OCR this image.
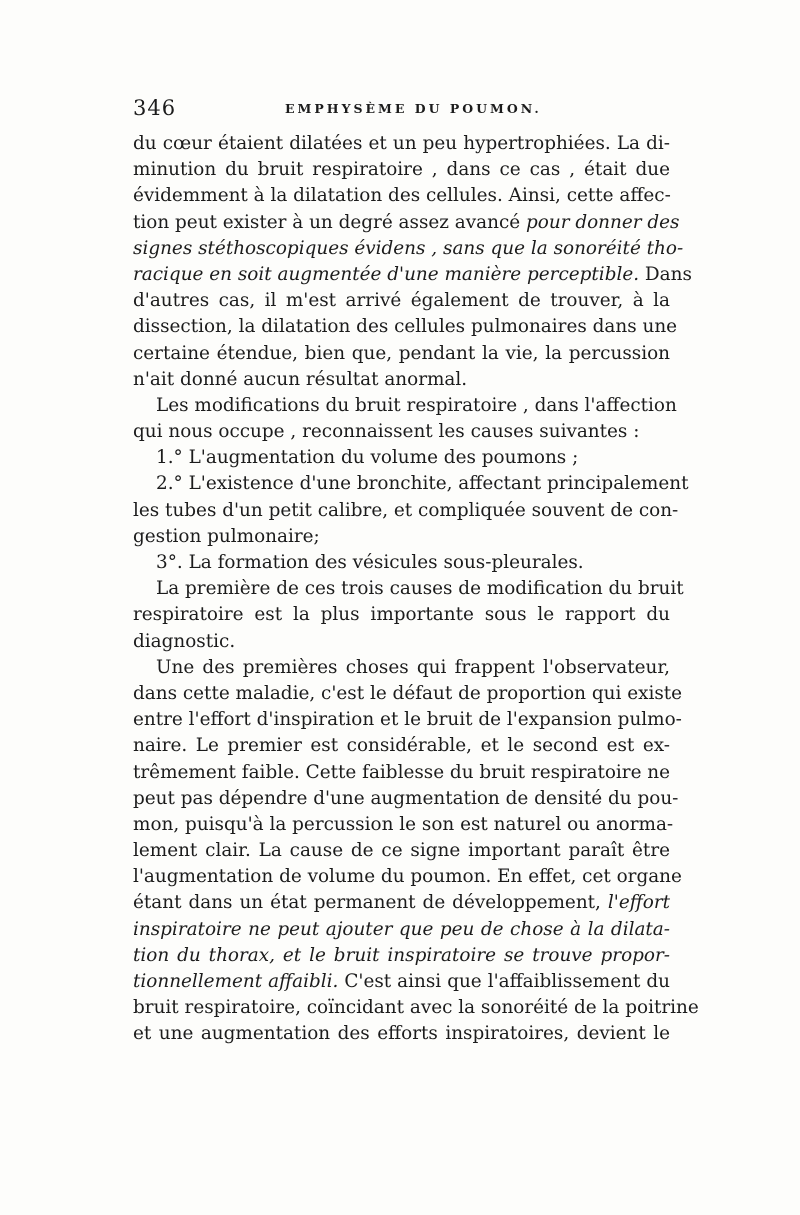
346	EMPHYSÈME DU POUMON.
du cœur étaient dilatées et un peu hypertrophiées. La di-
minution du bruit respiratoire , dans ce cas , était due
évidemment à la dilatation des cellules. Ainsi, cette affec-
tion peut exister à un degré assez avancé pour donner des
signes stéthoscopiques évidens , sans que la sonoréité tho-
racique en soit augmentée d'une manière perceptible. Dans
d'autres cas, il m'est arrivé également de trouver, à la
dissection, la dilatation des cellules pulmonaires dans une
certaine étendue, bien que, pendant la vie, la percussion
n'ait donné aucun résultat anormal.
Les modifications du bruit respiratoire , dans l'affection
qui nous occupe , reconnaissent les causes suivantes :
1.° L'augmentation du volume des poumons ;
2.° L'existence d'une bronchite, affectant principalement
les tubes d'un petit calibre, et compliquée souvent de con-
gestion pulmonaire;
3°. La formation des vésicules sous-pleurales.
La première de ces trois causes de modification du bruit
respiratoire est la plus importante sous le rapport du
diagnostic.
Une des premières choses qui frappent l'observateur,
dans cette maladie, c'est le défaut de proportion qui existe
entre l'effort d'inspiration et le bruit de l'expansion pulmo-
naire. Le premier est considérable, et le second est ex-
trêmement faible. Cette faiblesse du bruit respiratoire ne
peut pas dépendre d'une augmentation de densité du pou-
mon, puisqu'à la percussion le son est naturel ou anorma-
lement clair. La cause de ce signe important paraît être
l'augmentation de volume du poumon. En effet, cet organe
étant dans un état permanent de développement, l'effort
inspiratoire ne peut ajouter que peu de chose à la dilata-
tion du thorax, et le bruit inspiratoire se trouve propor-
tionnellement affaibli. C'est ainsi que l'affaiblissement du
bruit respiratoire, coïncidant avec la sonoréité de la poitrine
et une augmentation des efforts inspiratoires, devient le
